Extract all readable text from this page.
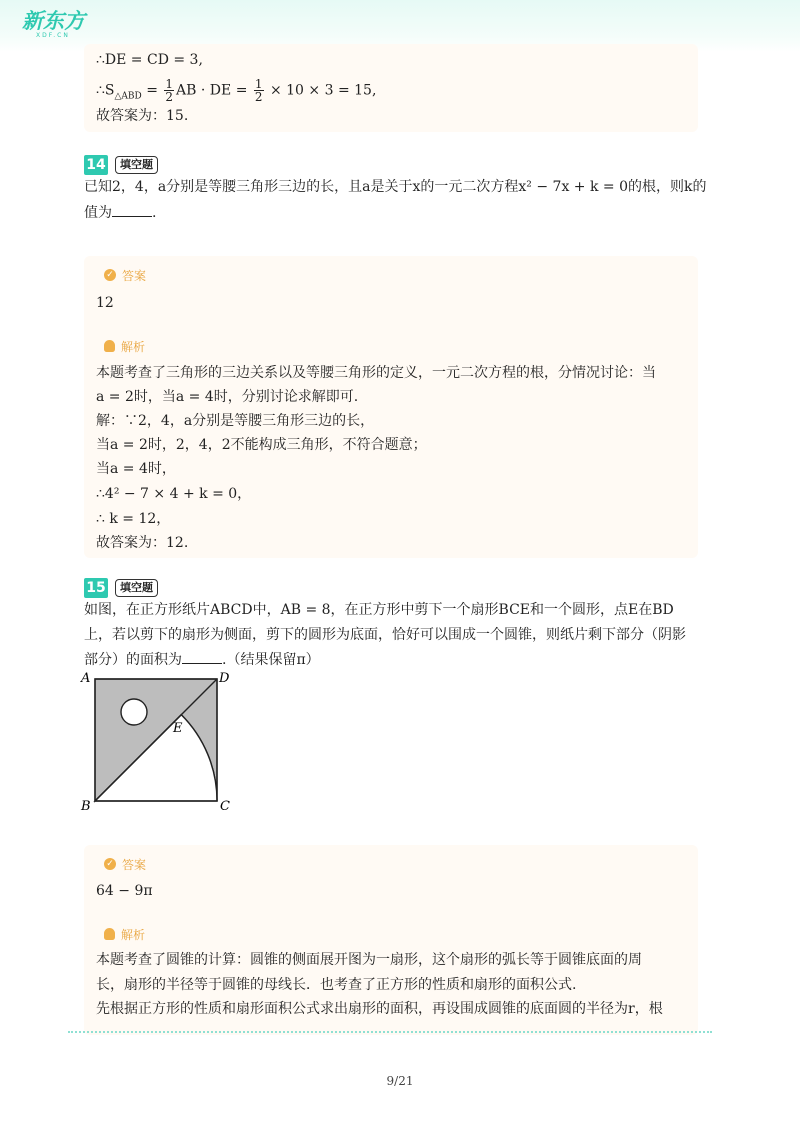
新东方
XDF.CN
∴DE = CD = 3,
$\therefore S_{\triangle ABD} = \frac{1}{2}$ AB · DE = $\frac{1}{2} \times 10 \times 3 = 15$,
故答案为：15.
14	填空题
已知2，4，a分别是等腰三角形三边的长，且a是关于x的一元二次方程x² − 7x + k = 0的根，则k的
值为	.
✓ 答案
12
解析
本题考查了三角形的三边关系以及等腰三角形的定义，一元二次方程的根，分情况讨论：当
a = 2时，当a = 4时，分别讨论求解即可.
解：∵2，4，a分别是等腰三角形三边的长，
当a = 2时，2，4，2不能构成三角形，不符合题意；
当a = 4时，
∴4² − 7 × 4 + k = 0，
∴ k = 12，
故答案为：12.
15	填空题
如图，在正方形纸片ABCD中，AB = 8，在正方形中剪下一个扇形BCE和一个圆形，点E在BD
上，若以剪下的扇形为侧面，剪下的圆形为底面，恰好可以围成一个圆锥，则纸片剩下部分（阴影
部分）的面积为	.（结果保留π）
A	D
B	C
E
✓ 答案
64 − 9π
解析
本题考查了圆锥的计算：圆锥的侧面展开图为一扇形，这个扇形的弧长等于圆锥底面的周
长，扇形的半径等于圆锥的母线长．也考查了正方形的性质和扇形的面积公式.
先根据正方形的性质和扇形面积公式求出扇形的面积，再设围成圆锥的底面圆的半径为r，根
9/21
